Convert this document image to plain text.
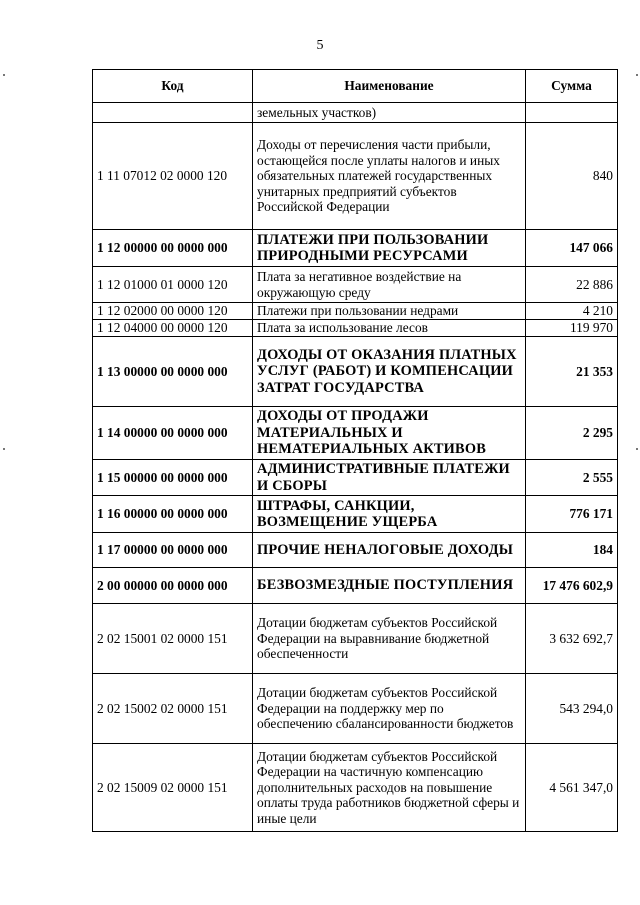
5
Код	Наименование	Сумма
	земельных участков)	
1 11 07012 02 0000 120	Доходы от перечисления части прибыли, остающейся после уплаты налогов и иных обязательных платежей государственных унитарных предприятий субъектов Российской Федерации	840
1 12 00000 00 0000 000	ПЛАТЕЖИ ПРИ ПОЛЬЗОВАНИИ ПРИРОДНЫМИ РЕСУРСАМИ	147 066
1 12 01000 01 0000 120	Плата за негативное воздействие на окружающую среду	22 886
1 12 02000 00 0000 120	Платежи при пользовании недрами	4 210
1 12 04000 00 0000 120	Плата за использование лесов	119 970
1 13 00000 00 0000 000	ДОХОДЫ ОТ ОКАЗАНИЯ ПЛАТНЫХ УСЛУГ (РАБОТ) И КОМПЕНСАЦИИ ЗАТРАТ ГОСУДАРСТВА	21 353
1 14 00000 00 0000 000	ДОХОДЫ ОТ ПРОДАЖИ МАТЕРИАЛЬНЫХ И НЕМАТЕРИАЛЬНЫХ АКТИВОВ	2 295
1 15 00000 00 0000 000	АДМИНИСТРАТИВНЫЕ ПЛАТЕЖИ И СБОРЫ	2 555
1 16 00000 00 0000 000	ШТРАФЫ, САНКЦИИ, ВОЗМЕЩЕНИЕ УЩЕРБА	776 171
1 17 00000 00 0000 000	ПРОЧИЕ НЕНАЛОГОВЫЕ ДОХОДЫ	184
2 00 00000 00 0000 000	БЕЗВОЗМЕЗДНЫЕ ПОСТУПЛЕНИЯ	17 476 602,9
2 02 15001 02 0000 151	Дотации бюджетам субъектов Российской Федерации на выравнивание бюджетной обеспеченности	3 632 692,7
2 02 15002 02 0000 151	Дотации бюджетам субъектов Российской Федерации на поддержку мер по обеспечению сбалансированности бюджетов	543 294,0
2 02 15009 02 0000 151	Дотации бюджетам субъектов Российской Федерации на частичную компенсацию дополнительных расходов на повышение оплаты труда работников бюджетной сферы и иные цели	4 561 347,0
